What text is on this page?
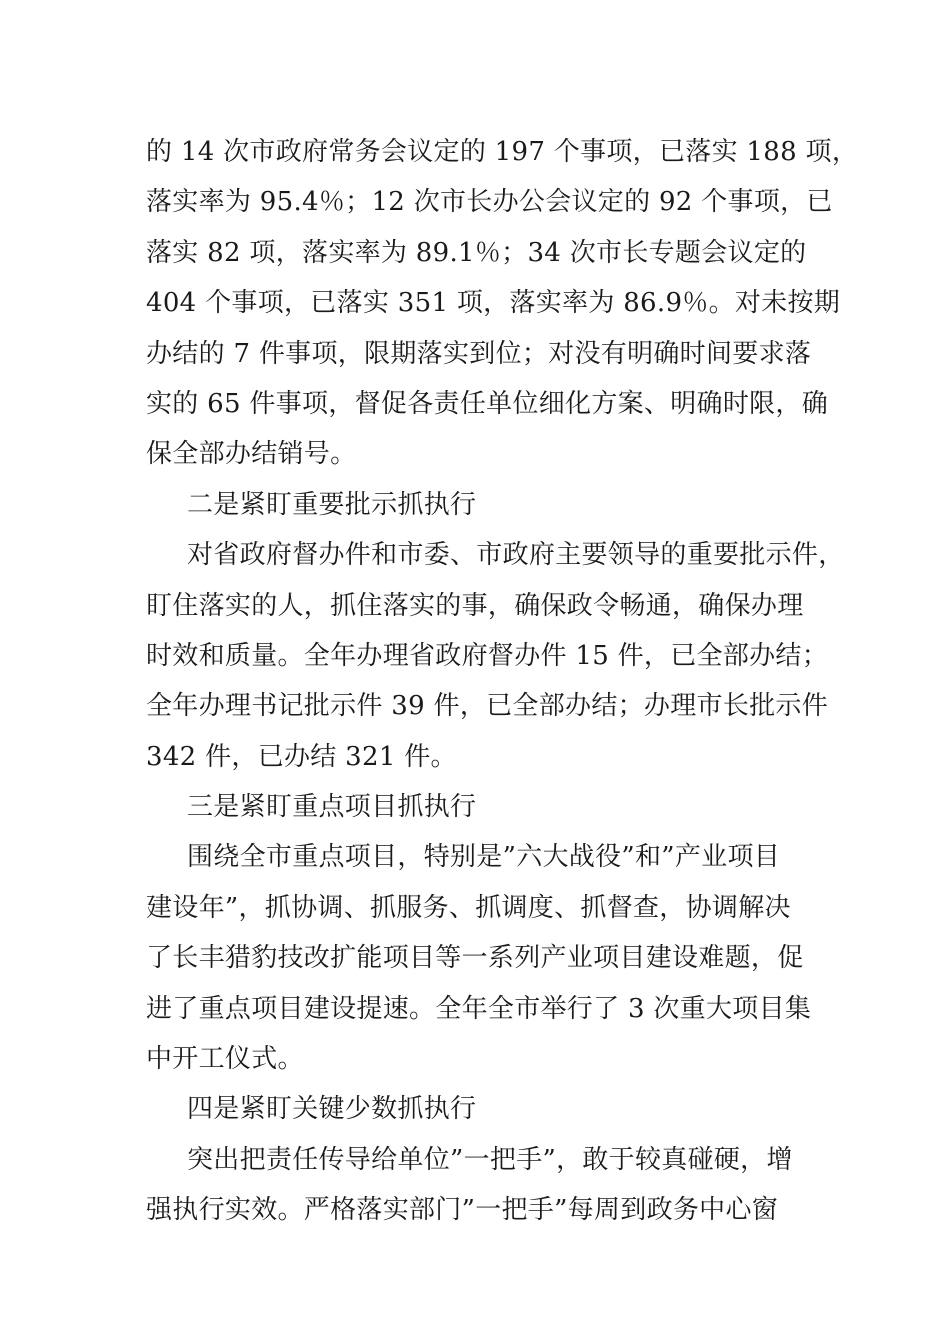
的 14 次市政府常务会议定的 197 个事项，已落实 188 项，
落实率为 95.4％；12 次市长办公会议定的 92 个事项，已
落实 82 项，落实率为 89.1％；34 次市长专题会议定的
404 个事项，已落实 351 项，落实率为 86.9％。对未按期
办结的 7 件事项，限期落实到位；对没有明确时间要求落
实的 65 件事项，督促各责任单位细化方案、明确时限，确
保全部办结销号。
二是紧盯重要批示抓执行
对省政府督办件和市委、市政府主要领导的重要批示件，
盯住落实的人，抓住落实的事，确保政令畅通，确保办理
时效和质量。全年办理省政府督办件 15 件，已全部办结；
全年办理书记批示件 39 件，已全部办结；办理市长批示件
342 件，已办结 321 件。
三是紧盯重点项目抓执行
围绕全市重点项目，特别是”六大战役”和”产业项目
建设年”，抓协调、抓服务、抓调度、抓督查，协调解决
了长丰猎豹技改扩能项目等一系列产业项目建设难题，促
进了重点项目建设提速。全年全市举行了 3 次重大项目集
中开工仪式。
四是紧盯关键少数抓执行
突出把责任传导给单位”一把手”，敢于较真碰硬，增
强执行实效。严格落实部门”一把手”每周到政务中心窗
